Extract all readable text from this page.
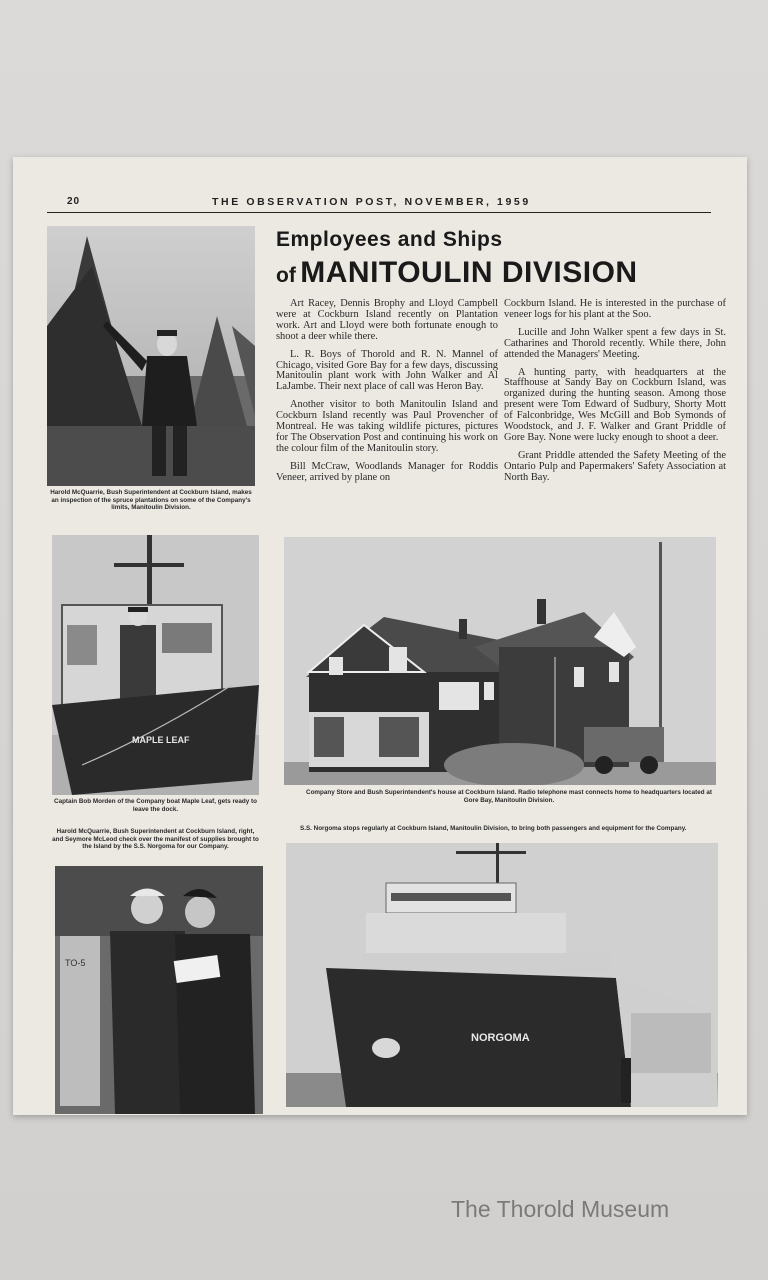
20	THE OBSERVATION POST, NOVEMBER, 1959
Employees and Ships
of MANITOULIN DIVISION

Art Racey, Dennis Brophy and Lloyd Campbell were at Cockburn Island recently on Plantation work. Art and Lloyd were both fortunate enough to shoot a deer while there.

L. R. Boys of Thorold and R. N. Mannel of Chicago, visited Gore Bay for a few days, discussing Manitoulin plant work with John Walker and Al LaJambe. Their next place of call was Heron Bay.

Another visitor to both Manitoulin Island and Cockburn Island recently was Paul Provencher of Montreal. He was taking wildlife pictures, pictures for The Observation Post and continuing his work on the colour film of the Manitoulin story.

Bill McCraw, Woodlands Manager for Roddis Veneer, arrived by plane on

Cockburn Island. He is interested in the purchase of veneer logs for his plant at the Soo.

Lucille and John Walker spent a few days in St. Catharines and Thorold recently. While there, John attended the Managers' Meeting.

A hunting party, with headquarters at the Staffhouse at Sandy Bay on Cockburn Island, was organized during the hunting season. Among those present were Tom Edward of Sudbury, Shorty Mott of Falconbridge, Wes McGill and Bob Symonds of Woodstock, and J. F. Walker and Grant Priddle of Gore Bay. None were lucky enough to shoot a deer.

Grant Priddle attended the Safety Meeting of the Ontario Pulp and Papermakers' Safety Association at North Bay.

Harold McQuarrie, Bush Superintendent at Cockburn Island, makes an inspection of the spruce plantations on some of the Company's limits, Manitoulin Division.
MAPLE LEAF
Captain Bob Morden of the Company boat Maple Leaf, gets ready to leave the dock.
Harold McQuarrie, Bush Superintendent at Cockburn Island, right, and Seymore McLeod check over the manifest of supplies brought to the Island by the S.S. Norgoma for our Company.
Company Store and Bush Superintendent's house at Cockburn Island. Radio telephone mast connects home to headquarters located at Gore Bay, Manitoulin Division.
S.S. Norgoma stops regularly at Cockburn Island, Manitoulin Division, to bring both passengers and equipment for the Company.
TO-5
NORGOMA
The Thorold Museum
